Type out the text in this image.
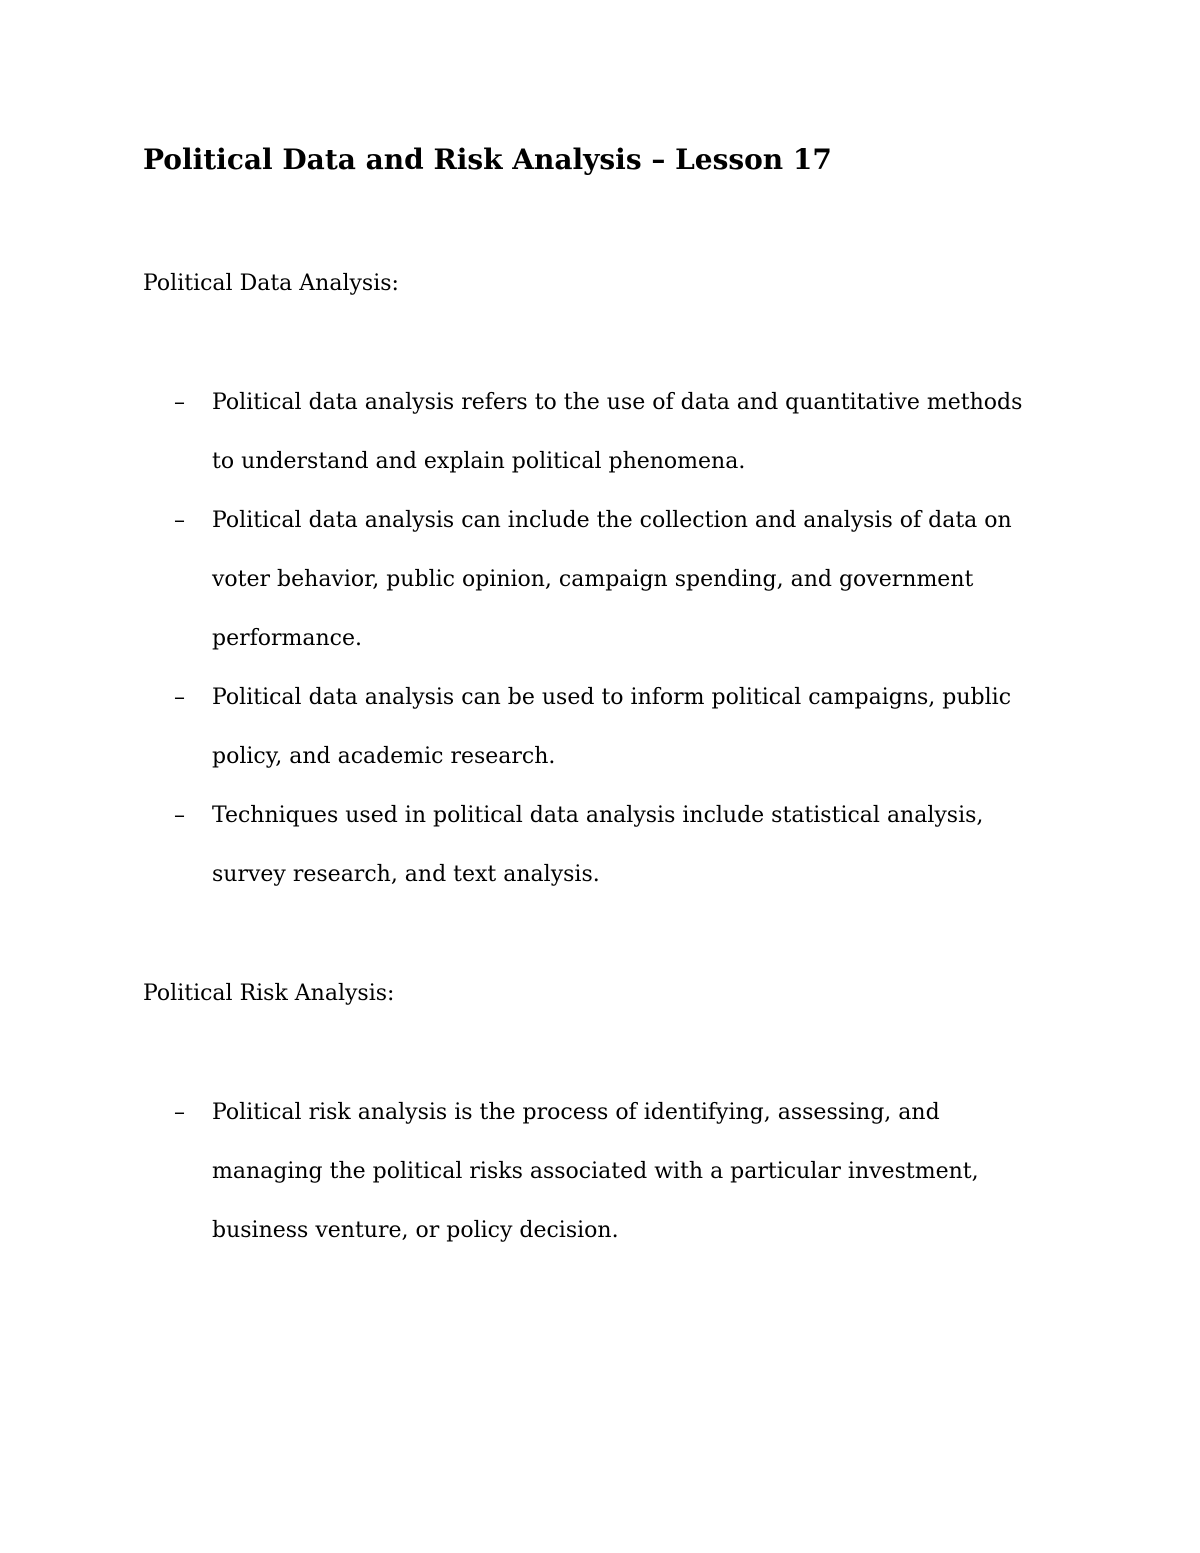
Political Data and Risk Analysis – Lesson 17
Political Data Analysis:
– Political data analysis refers to the use of data and quantitative methods
to understand and explain political phenomena.
– Political data analysis can include the collection and analysis of data on
voter behavior, public opinion, campaign spending, and government
performance.
– Political data analysis can be used to inform political campaigns, public
policy, and academic research.
– Techniques used in political data analysis include statistical analysis,
survey research, and text analysis.
Political Risk Analysis:
– Political risk analysis is the process of identifying, assessing, and
managing the political risks associated with a particular investment,
business venture, or policy decision.
